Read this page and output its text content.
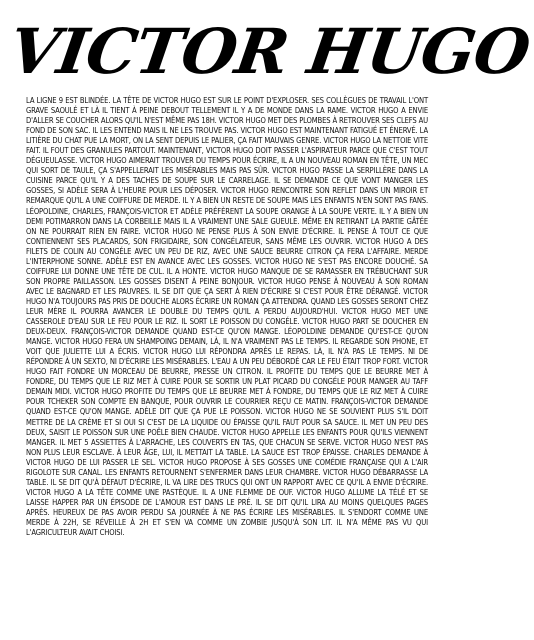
VICTOR HUGO

LA LIGNE 9 EST BLINDÉE. LA TÊTE DE VICTOR HUGO EST SUR LE POINT D'EXPLOSER. SES COLLÈGUES DE TRAVAIL L'ONT GRAVE SAOULÉ ET LÀ IL TIENT À PEINE DEBOUT TELLEMENT IL Y A DE MONDE DANS LA RAME. VICTOR HUGO A ENVIE D'ALLER SE COUCHER ALORS QU'IL N'EST MÊME PAS 18H. VICTOR HUGO MET DES PLOMBES À RETROUVER SES CLEFS AU FOND DE SON SAC. IL LES ENTEND MAIS IL NE LES TROUVE PAS. VICTOR HUGO EST MAINTENANT FATIGUÉ ET ÉNERVÉ. LA LITIÈRE DU CHAT PUE LA MORT, ON LA SENT DEPUIS LE PALIER, ÇA FAIT MAUVAIS GENRE. VICTOR HUGO LA NETTOIE VITE FAIT. IL FOUT DES GRANULES PARTOUT. MAINTENANT, VICTOR HUGO DOIT PASSER L'ASPIRATEUR PARCE QUE C'EST TOUT DÉGUEULASSE. VICTOR HUGO AIMERAIT TROUVER DU TEMPS POUR ÉCRIRE, IL A UN NOUVEAU ROMAN EN TÊTE, UN MEC QUI SORT DE TAULE, ÇA S'APPELLERAIT LES MISÉRABLES MAIS PAS SÛR. VICTOR HUGO PASSE LA SERPILLÈRE DANS LA CUISINE PARCE QU'IL Y A DES TACHES DE SOUPE SUR LE CARRELAGE. IL SE DEMANDE CE QUE VONT MANGER LES GOSSES, SI ADÈLE SERA À L'HEURE POUR LES DÉPOSER. VICTOR HUGO RENCONTRE SON REFLET DANS UN MIROIR ET REMARQUE QU'IL A UNE COIFFURE DE MERDE. IL Y A BIEN UN RESTE DE SOUPE MAIS LES ENFANTS N'EN SONT PAS FANS. LÉOPOLDINE, CHARLES, FRANÇOIS-VICTOR ET ADÈLE PRÉFÈRENT LA SOUPE ORANGE À LA SOUPE VERTE. IL Y A BIEN UN DEMI POTIMARRON DANS LA CORBEILLE MAIS IL A VRAIMENT UNE SALE GUEULE. MÊME EN RETIRANT LA PARTIE GÂTÉE ON NE POURRAIT RIEN EN FAIRE. VICTOR HUGO NE PENSE PLUS À SON ENVIE D'ÉCRIRE. IL PENSE À TOUT CE QUE CONTIENNENT SES PLACARDS, SON FRIGIDAIRE, SON CONGÉLATEUR, SANS MÊME LES OUVRIR. VICTOR HUGO A DES FILETS DE COLIN AU CONGÉLE AVEC UN PEU DE RIZ, AVEC UNE SAUCE BEURRE CITRON ÇA FERA L'AFFAIRE. MERDE L'INTERPHONE SONNE. ADÈLE EST EN AVANCE AVEC LES GOSSES. VICTOR HUGO NE S'EST PAS ENCORE DOUCHÉ. SA COIFFURE LUI DONNE UNE TÊTE DE CUL. IL A HONTE. VICTOR HUGO MANQUE DE SE RAMASSER EN TRÉBUCHANT SUR SON PROPRE PAILLASSON. LES GOSSES DISENT À PEINE BONJOUR. VICTOR HUGO PENSE À NOUVEAU À SON ROMAN AVEC LE BAGNARD ET LES PAUVRES. IL SE DIT QUE ÇA SERT À RIEN D'ÉCRIRE SI C'EST POUR ÊTRE DÉRANGÉ. VICTOR HUGO N'A TOUJOURS PAS PRIS DE DOUCHE ALORS ÉCRIRE UN ROMAN ÇA ATTENDRA. QUAND LES GOSSES SERONT CHEZ LEUR MÈRE IL POURRA AVANCER LE DOUBLE DU TEMPS QU'IL A PERDU AUJOURD'HUI. VICTOR HUGO MET UNE CASSEROLE D'EAU SUR LE FEU POUR LE RIZ. IL SORT LE POISSON DU CONGÉLE. VICTOR HUGO PART SE DOUCHER EN DEUX-DEUX. FRANÇOIS-VICTOR DEMANDE QUAND EST-CE QU'ON MANGE. LÉOPOLDINE DEMANDE QU'EST-CE QU'ON MANGE. VICTOR HUGO FERA UN SHAMPOING DEMAIN, LÀ, IL N'A VRAIMENT PAS LE TEMPS. IL REGARDE SON PHONE, ET VOIT QUE JULIETTE LUI A ÉCRIS. VICTOR HUGO LUI RÉPONDRA APRÈS LE REPAS. LÀ, IL N'A PAS LE TEMPS. NI DE RÉPONDRE À UN SEXTO, NI D'ÉCRIRE LES MISÉRABLES. L'EAU A UN PEU DÉBORDÉ CAR LE FEU ÉTAIT TROP FORT. VICTOR HUGO FAIT FONDRE UN MORCEAU DE BEURRE, PRESSE UN CITRON. IL PROFITE DU TEMPS QUE LE BEURRE MET À FONDRE, DU TEMPS QUE LE RIZ MET À CUIRE POUR SE SORTIR UN PLAT PICARD DU CONGÉLE POUR MANGER AU TAFF DEMAIN MIDI. VICTOR HUGO PROFITE DU TEMPS QUE LE BEURRE MET À FONDRE, DU TEMPS QUE LE RIZ MET À CUIRE POUR TCHEKER SON COMPTE EN BANQUE, POUR OUVRIR LE COURRIER REÇU CE MATIN. FRANÇOIS-VICTOR DEMANDE QUAND EST-CE QU'ON MANGE. ADÈLE DIT QUE ÇA PUE LE POISSON. VICTOR HUGO NE SE SOUVIENT PLUS S'IL DOIT METTRE DE LA CRÈME ET SI OUI SI C'EST DE LA LIQUIDE OU ÉPAISSE QU'IL FAUT POUR SA SAUCE. IL MET UN PEU DES DEUX, SAISIT LE POISSON SUR UNE POÊLE BIEN CHAUDE. VICTOR HUGO APPELLE LES ENFANTS POUR QU'ILS VIENNENT MANGER. IL MET 5 ASSIETTES À L'ARRACHE, LES COUVERTS EN TAS, QUE CHACUN SE SERVE. VICTOR HUGO N'EST PAS NON PLUS LEUR ESCLAVE. À LEUR ÂGE, LUI, IL METTAIT LA TABLE. LA SAUCE EST TROP ÉPAISSE. CHARLES DEMANDE À VICTOR HUGO DE LUI PASSER LE SEL. VICTOR HUGO PROPOSE À SES GOSSES UNE COMÉDIE FRANÇAISE QUI A L'AIR RIGOLOTE SUR CANAL. LES ENFANTS RETOURNENT S'ENFERMER DANS LEUR CHAMBRE. VICTOR HUGO DÉBARRASSE LA TABLE. IL SE DIT QU'À DÉFAUT D'ÉCRIRE, IL VA LIRE DES TRUCS QUI ONT UN RAPPORT AVEC CE QU'IL A ENVIE D'ÉCRIRE. VICTOR HUGO A LA TÊTE COMME UNE PASTÈQUE. IL A UNE FLEMME DE OUF. VICTOR HUGO ALLUME LA TÉLÉ ET SE LAISSE HAPPER PAR UN ÉPISODE DE L'AMOUR EST DANS LE PRÉ. IL SE DIT QU'IL LIRA AU MOINS QUELQUES PAGES APRÈS. HEUREUX DE PAS AVOIR PERDU SA JOURNÉE À NE PAS ÉCRIRE LES MISÉRABLES. IL S'ENDORT COMME UNE MERDE À 22H, SE RÉVEILLE À 2H ET S'EN VA COMME UN ZOMBIE JUSQU'À SON LIT. IL N'A MÊME PAS VU QUI L'AGRICULTEUR AVAIT CHOISI.
